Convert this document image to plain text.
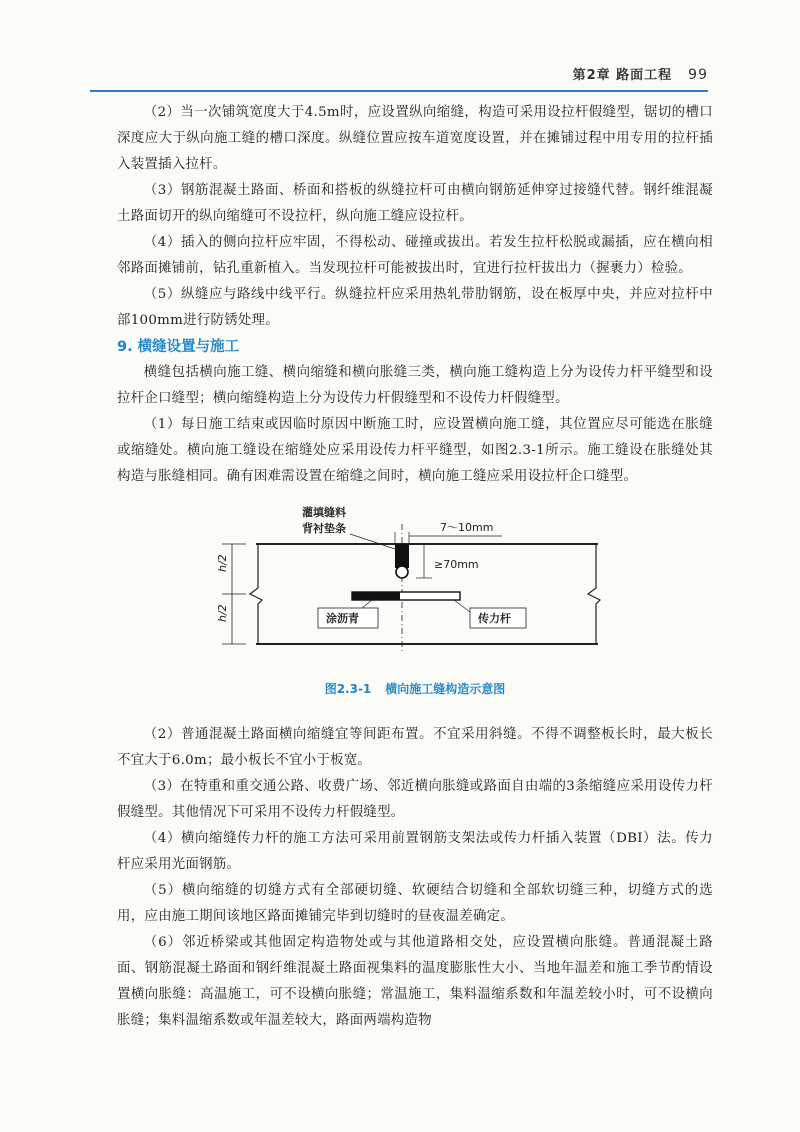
第2章 路面工程 99

（2）当一次铺筑宽度大于4.5m时，应设置纵向缩缝，构造可采用设拉杆假缝型，锯切的槽口深度应大于纵向施工缝的槽口深度。纵缝位置应按车道宽度设置，并在摊铺过程中用专用的拉杆插入装置插入拉杆。

（3）钢筋混凝土路面、桥面和搭板的纵缝拉杆可由横向钢筋延伸穿过接缝代替。钢纤维混凝土路面切开的纵向缩缝可不设拉杆，纵向施工缝应设拉杆。

（4）插入的侧向拉杆应牢固，不得松动、碰撞或拔出。若发生拉杆松脱或漏插，应在横向相邻路面摊铺前，钻孔重新植入。当发现拉杆可能被拔出时，宜进行拉杆拔出力（握裹力）检验。

（5）纵缝应与路线中线平行。纵缝拉杆应采用热轧带肋钢筋，设在板厚中央，并应对拉杆中部100mm进行防锈处理。

9. 横缝设置与施工

横缝包括横向施工缝、横向缩缝和横向胀缝三类，横向施工缝构造上分为设传力杆平缝型和设拉杆企口缝型；横向缩缝构造上分为设传力杆假缝型和不设传力杆假缝型。

（1）每日施工结束或因临时原因中断施工时，应设置横向施工缝，其位置应尽可能选在胀缝或缩缝处。横向施工缝设在缩缝处应采用设传力杆平缝型，如图2.3-1所示。施工缝设在胀缝处其构造与胀缝相同。确有困难需设置在缩缝之间时，横向施工缝应采用设拉杆企口缝型。

h/2
h/2
7～10mm
≥70mm
灌填缝料
背衬垫条
涂沥青	传力杆
图2.3-1 横向施工缝构造示意图

（2）普通混凝土路面横向缩缝宜等间距布置。不宜采用斜缝。不得不调整板长时，最大板长不宜大于6.0m；最小板长不宜小于板宽。

（3）在特重和重交通公路、收费广场、邻近横向胀缝或路面自由端的3条缩缝应采用设传力杆假缝型。其他情况下可采用不设传力杆假缝型。

（4）横向缩缝传力杆的施工方法可采用前置钢筋支架法或传力杆插入装置（DBI）法。传力杆应采用光面钢筋。

（5）横向缩缝的切缝方式有全部硬切缝、软硬结合切缝和全部软切缝三种，切缝方式的选用，应由施工期间该地区路面摊铺完毕到切缝时的昼夜温差确定。

（6）邻近桥梁或其他固定构造物处或与其他道路相交处，应设置横向胀缝。普通混凝土路面、钢筋混凝土路面和钢纤维混凝土路面视集料的温度膨胀性大小、当地年温差和施工季节酌情设置横向胀缝：高温施工，可不设横向胀缝；常温施工，集料温缩系数和年温差较小时，可不设横向胀缝；集料温缩系数或年温差较大，路面两端构造物
